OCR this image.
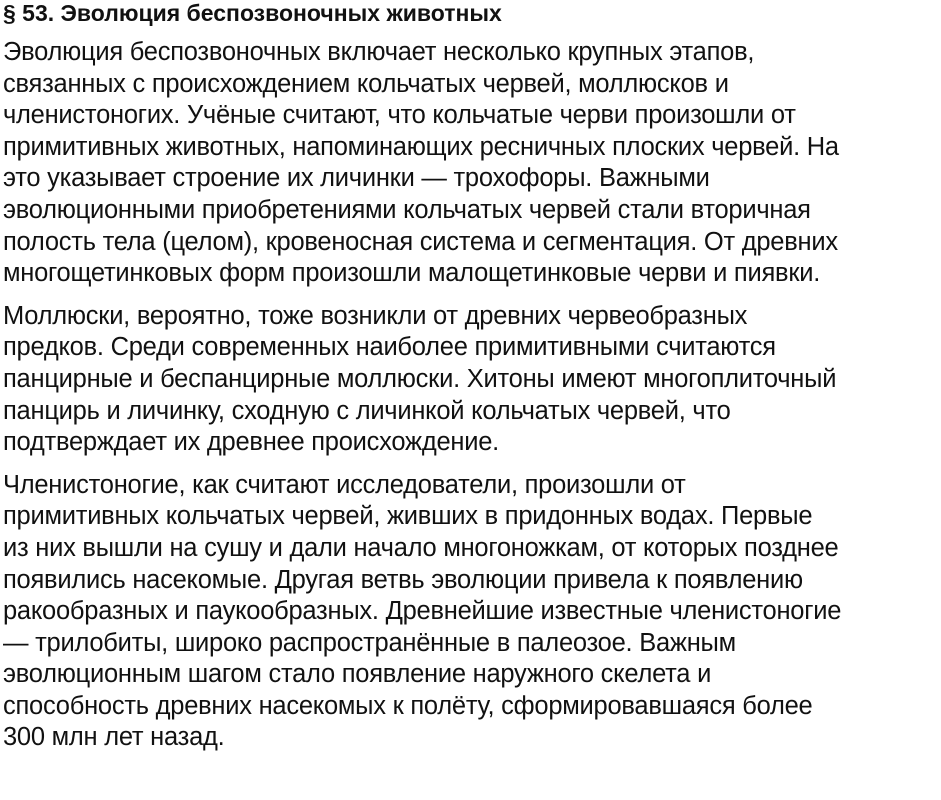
§ 53. Эволюция беспозвоночных животных

Эволюция беспозвоночных включает несколько крупных этапов,
связанных с происхождением кольчатых червей, моллюсков и
членистоногих. Учёные считают, что кольчатые черви произошли от
примитивных животных, напоминающих ресничных плоских червей. На
это указывает строение их личинки — трохофоры. Важными
эволюционными приобретениями кольчатых червей стали вторичная
полость тела (целом), кровеносная система и сегментация. От древних
многощетинковых форм произошли малощетинковые черви и пиявки.

Моллюски, вероятно, тоже возникли от древних червеобразных
предков. Среди современных наиболее примитивными считаются
панцирные и беспанцирные моллюски. Хитоны имеют многоплиточный
панцирь и личинку, сходную с личинкой кольчатых червей, что
подтверждает их древнее происхождение.

Членистоногие, как считают исследователи, произошли от
примитивных кольчатых червей, живших в придонных водах. Первые
из них вышли на сушу и дали начало многоножкам, от которых позднее
появились насекомые. Другая ветвь эволюции привела к появлению
ракообразных и паукообразных. Древнейшие известные членистоногие
— трилобиты, широко распространённые в палеозое. Важным
эволюционным шагом стало появление наружного скелета и
способность древних насекомых к полёту, сформировавшаяся более
300 млн лет назад.
